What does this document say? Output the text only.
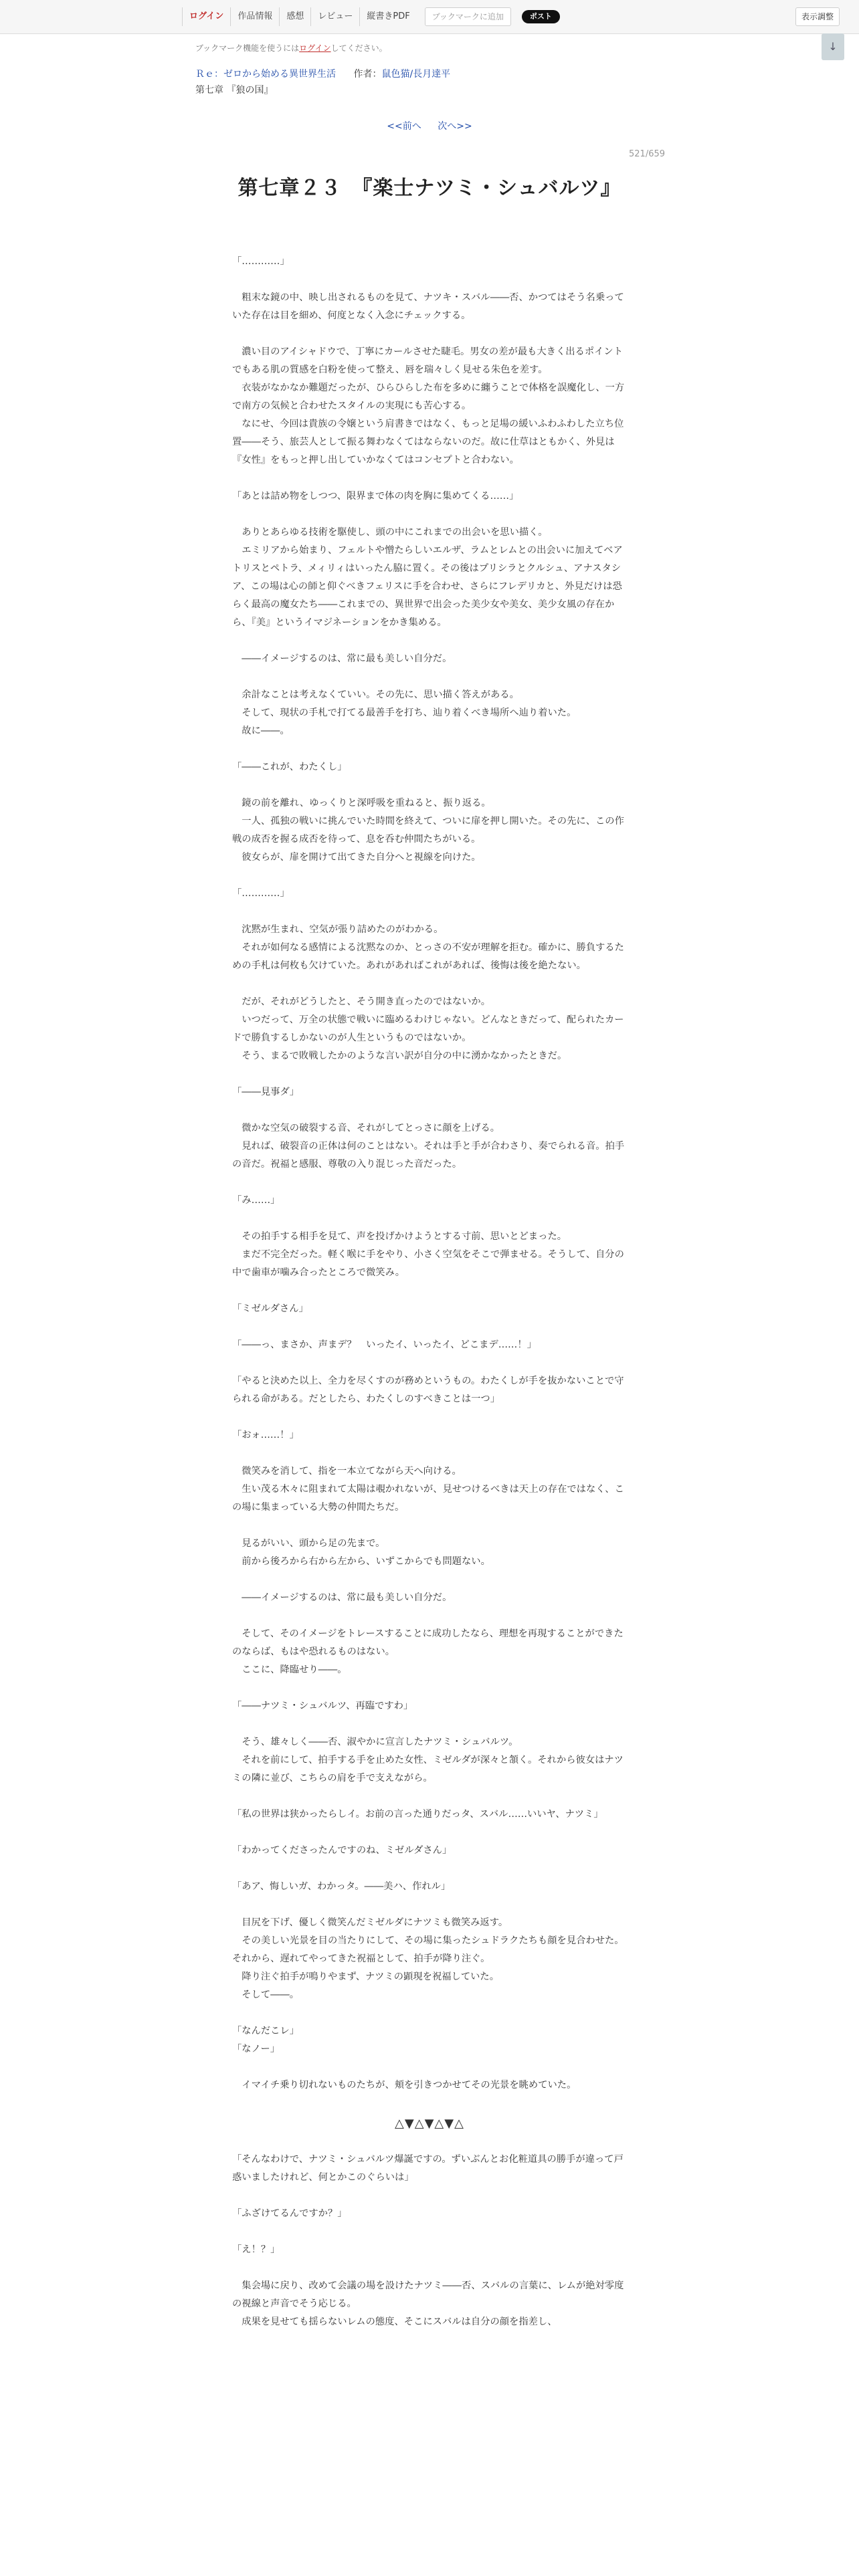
ログイン	作品情報	感想	レビュー	縦書きPDF	ブックマークに追加	ポスト	表示調整
↓
ブックマーク機能を使うにはログインしてください。
Ｒｅ：ゼロから始める異世界生活 作者：鼠色猫/長月達平
第七章 『狼の国』
<<前へ 次へ>>
521/659
第七章２３　『楽士ナツミ・シュバルツ』

「…………」

　粗末な鏡の中、映し出されるものを見て、ナツキ・スバル――否、かつてはそう名乗っていた存在は目を細め、何度となく入念にチェックする。

　濃い目のアイシャドウで、丁寧にカールさせた睫毛。男女の差が最も大きく出るポイントでもある肌の質感を白粉を使って整え、唇を瑞々しく見せる朱色を差す。
　衣装がなかなか難題だったが、ひらひらした布を多めに纏うことで体格を誤魔化し、一方で南方の気候と合わせたスタイルの実現にも苦心する。
　なにせ、今回は貴族の令嬢という肩書きではなく、もっと足場の緩いふわふわした立ち位置――そう、旅芸人として振る舞わなくてはならないのだ。故に仕草はともかく、外見は『女性』をもっと押し出していかなくてはコンセプトと合わない。

「あとは詰め物をしつつ、限界まで体の肉を胸に集めてくる……」

　ありとあらゆる技術を駆使し、頭の中にこれまでの出会いを思い描く。
　エミリアから始まり、フェルトや憎たらしいエルザ、ラムとレムとの出会いに加えてベアトリスとペトラ、メィリィはいったん脇に置く。その後はプリシラとクルシュ、アナスタシア、この場は心の師と仰ぐべきフェリスに手を合わせ、さらにフレデリカと、外見だけは恐らく最高の魔女たち――これまでの、異世界で出会った美少女や美女、美少女風の存在から、『美』というイマジネーションをかき集める。

　――イメージするのは、常に最も美しい自分だ。

　余計なことは考えなくていい。その先に、思い描く答えがある。
　そして、現状の手札で打てる最善手を打ち、辿り着くべき場所へ辿り着いた。
　故に――。

「――これが、わたくし」

　鏡の前を離れ、ゆっくりと深呼吸を重ねると、振り返る。
　一人、孤独の戦いに挑んでいた時間を終えて、ついに扉を押し開いた。その先に、この作戦の成否を握る成否を待って、息を呑む仲間たちがいる。
　彼女らが、扉を開けて出てきた自分へと視線を向けた。

「…………」

　沈黙が生まれ、空気が張り詰めたのがわかる。
　それが如何なる感情による沈黙なのか、とっさの不安が理解を拒む。確かに、勝負するための手札は何枚も欠けていた。あれがあればこれがあれば、後悔は後を絶たない。

　だが、それがどうしたと、そう開き直ったのではないか。
　いつだって、万全の状態で戦いに臨めるわけじゃない。どんなときだって、配られたカードで勝負するしかないのが人生というものではないか。
　そう、まるで敗戦したかのような言い訳が自分の中に湧かなかったときだ。

「――見事ダ」

　微かな空気の破裂する音、それがしてとっさに顔を上げる。
　見れば、破裂音の正体は何のことはない。それは手と手が合わさり、奏でられる音。拍手の音だ。祝福と感服、尊敬の入り混じった音だった。

「み……」

　その拍手する相手を見て、声を投げかけようとする寸前、思いとどまった。
　まだ不完全だった。軽く喉に手をやり、小さく空気をそこで弾ませる。そうして、自分の中で歯車が噛み合ったところで微笑み。

「ミゼルダさん」

「――っ、まさか、声まデ？　いったイ、いったイ、どこまデ……！」

「やると決めた以上、全力を尽くすのが務めというもの。わたくしが手を抜かないことで守られる命がある。だとしたら、わたくしのすべきことは一つ」

「おォ……！」

　微笑みを消して、指を一本立てながら天へ向ける。
　生い茂る木々に阻まれて太陽は覗かれないが、見せつけるべきは天上の存在ではなく、この場に集まっている大勢の仲間たちだ。

　見るがいい、頭から足の先まで。
　前から後ろから右から左から、いずこからでも問題ない。

　――イメージするのは、常に最も美しい自分だ。

　そして、そのイメージをトレースすることに成功したなら、理想を再現することができたのならば、もはや恐れるものはない。
　ここに、降臨せり――。

「――ナツミ・シュバルツ、再臨ですわ」

　そう、雄々しく――否、淑やかに宣言したナツミ・シュバルツ。
　それを前にして、拍手する手を止めた女性、ミゼルダが深々と頷く。それから彼女はナツミの隣に並び、こちらの肩を手で支えながら。

「私の世界は狭かったらしイ。お前の言った通りだっタ、スバル……いいヤ、ナツミ」

「わかってくださったんですのね、ミゼルダさん」

「あア、悔しいガ、わかっタ。――美ハ、作れル」

　目尻を下げ、優しく微笑んだミゼルダにナツミも微笑み返す。
　その美しい光景を目の当たりにして、その場に集ったシュドラクたちも顔を見合わせた。それから、遅れてやってきた祝福として、拍手が降り注ぐ。
　降り注ぐ拍手が鳴りやまず、ナツミの顕現を祝福していた。
　そして――。

「なんだこレ」
「なノー」

　イマイチ乗り切れないものたちが、頬を引きつかせてその光景を眺めていた。

△▼△▼△▼△

「そんなわけで、ナツミ・シュバルツ爆誕ですの。ずいぶんとお化粧道具の勝手が違って戸惑いましたけれど、何とかこのぐらいは」

「ふざけてるんですか？」

「え！？」

　集会場に戻り、改めて会議の場を設けたナツミ――否、スバルの言葉に、レムが絶対零度の視線と声音でそう応じる。
　成果を見せても揺らないレムの態度、そこにスバルは自分の顔を指差し、
